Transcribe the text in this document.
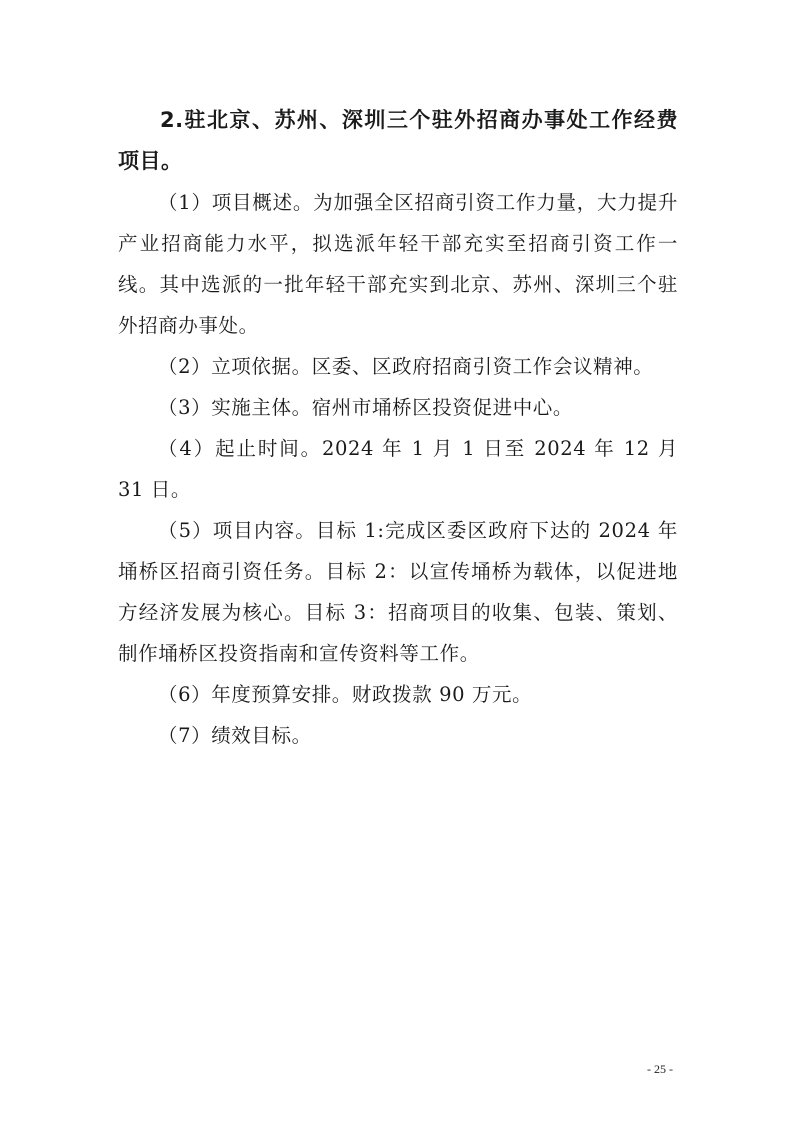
2.驻北京、苏州、深圳三个驻外招商办事处工作经费项目。

（1）项目概述。为加强全区招商引资工作力量，大力提升产业招商能力水平，拟选派年轻干部充实至招商引资工作一线。其中选派的一批年轻干部充实到北京、苏州、深圳三个驻外招商办事处。

（2）立项依据。区委、区政府招商引资工作会议精神。

（3）实施主体。宿州市埇桥区投资促进中心。

（4）起止时间。2024 年 1 月 1 日至 2024 年 12 月 31 日。

（5）项目内容。目标 1:完成区委区政府下达的 2024 年埇桥区招商引资任务。目标 2：以宣传埇桥为载体，以促进地方经济发展为核心。目标 3：招商项目的收集、包装、策划、制作埇桥区投资指南和宣传资料等工作。

（6）年度预算安排。财政拨款 90 万元。

（7）绩效目标。

- 25 -
